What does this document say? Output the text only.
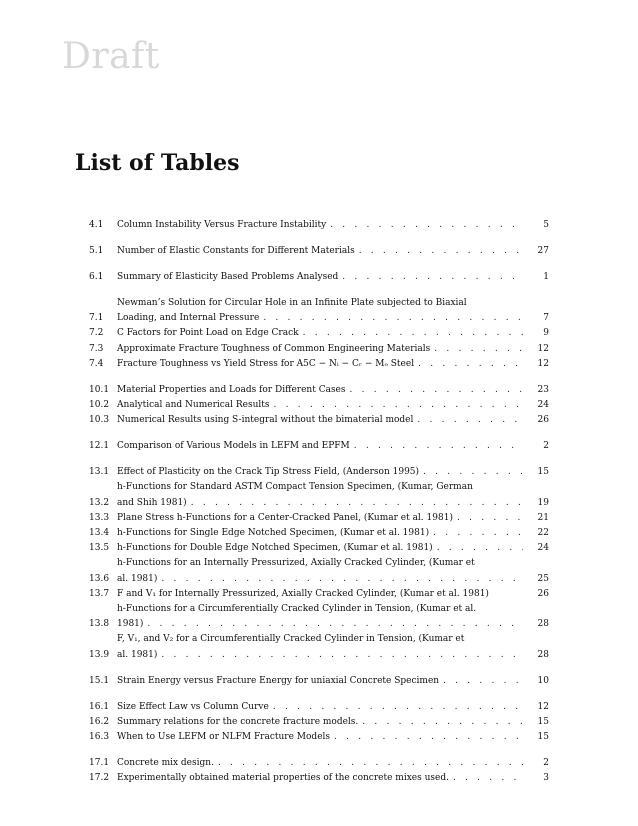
Draft
List of Tables
4.1	Column Instability Versus Fracture Instability . . .	5
5.1	Number of Elastic Constants for Different Materials . . .	27
6.1	Summary of Elasticity Based Problems Analysed . . .	1
7.1
Newman’s Solution for Circular Hole in an Infinite Plate subjected to Biaxial
Loading, and Internal Pressure . . .	7
7.2	C Factors for Point Load on Edge Crack . . .	9
7.3	Approximate Fracture Toughness of Common Engineering Materials . . .	12
7.4	Fracture Toughness vs Yield Stress for A5C − Nᵢ − Cᵣ − Mₒ Steel . . .	12
10.1 Material Properties and Loads for Different Cases . . .	23
10.2 Analytical and Numerical Results . . .	24
10.3 Numerical Results using S-integral without the bimaterial model . . .	26
12.1 Comparison of Various Models in LEFM and EPFM . . .	2
13.1 Effect of Plasticity on the Crack Tip Stress Field, (Anderson 1995) . . .	15
13.2
h-Functions for Standard ASTM Compact Tension Specimen, (Kumar, German
and Shih 1981) . . .	19
13.3 Plane Stress h-Functions for a Center-Cracked Panel, (Kumar et al. 1981) . . .	21
13.4 h-Functions for Single Edge Notched Specimen, (Kumar et al. 1981) . . .	22
13.5 h-Functions for Double Edge Notched Specimen, (Kumar et al. 1981) . . .	24
13.6
h-Functions for an Internally Pressurized, Axially Cracked Cylinder, (Kumar et
al. 1981) . . .	25
13.7 F and V₁ for Internally Pressurized, Axially Cracked Cylinder, (Kumar et al. 1981)	26
13.8
h-Functions for a Circumferentially Cracked Cylinder in Tension, (Kumar et al.
1981) . . .	28
13.9
F, V₁, and V₂ for a Circumferentially Cracked Cylinder in Tension, (Kumar et
al. 1981) . . .	28
15.1 Strain Energy versus Fracture Energy for uniaxial Concrete Specimen . . .	10
16.1 Size Effect Law vs Column Curve . . .	12
16.2 Summary relations for the concrete fracture models. . . .	15
16.3 When to Use LEFM or NLFM Fracture Models . . .	15
17.1 Concrete mix design. . . .	2
17.2 Experimentally obtained material properties of the concrete mixes used. . . .	3
